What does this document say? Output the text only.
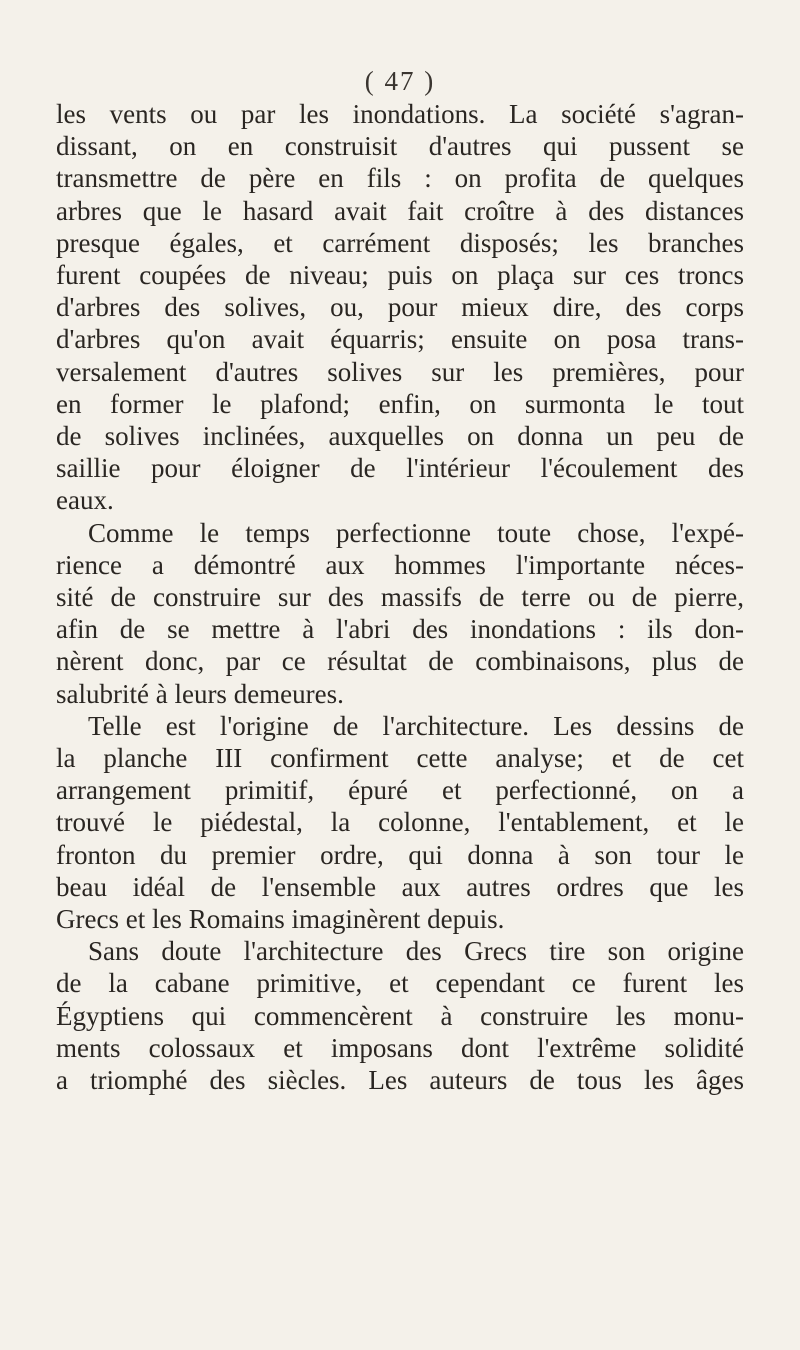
( 47 )
les vents ou par les inondations. La société s'agran-
dissant, on en construisit d'autres qui pussent se
transmettre de père en fils : on profita de quelques
arbres que le hasard avait fait croître à des distances
presque égales, et carrément disposés; les branches
furent coupées de niveau; puis on plaça sur ces troncs
d'arbres des solives, ou, pour mieux dire, des corps
d'arbres qu'on avait équarris; ensuite on posa trans-
versalement d'autres solives sur les premières, pour
en former le plafond; enfin, on surmonta le tout
de solives inclinées, auxquelles on donna un peu de
saillie pour éloigner de l'intérieur l'écoulement des
eaux.
Comme le temps perfectionne toute chose, l'expé-
rience a démontré aux hommes l'importante néces-
sité de construire sur des massifs de terre ou de pierre,
afin de se mettre à l'abri des inondations : ils don-
nèrent donc, par ce résultat de combinaisons, plus de
salubrité à leurs demeures.
Telle est l'origine de l'architecture. Les dessins de
la planche III confirment cette analyse; et de cet
arrangement primitif, épuré et perfectionné, on a
trouvé le piédestal, la colonne, l'entablement, et le
fronton du premier ordre, qui donna à son tour le
beau idéal de l'ensemble aux autres ordres que les
Grecs et les Romains imaginèrent depuis.
Sans doute l'architecture des Grecs tire son origine
de la cabane primitive, et cependant ce furent les
Égyptiens qui commencèrent à construire les monu-
ments colossaux et imposans dont l'extrême solidité
a triomphé des siècles. Les auteurs de tous les âges
